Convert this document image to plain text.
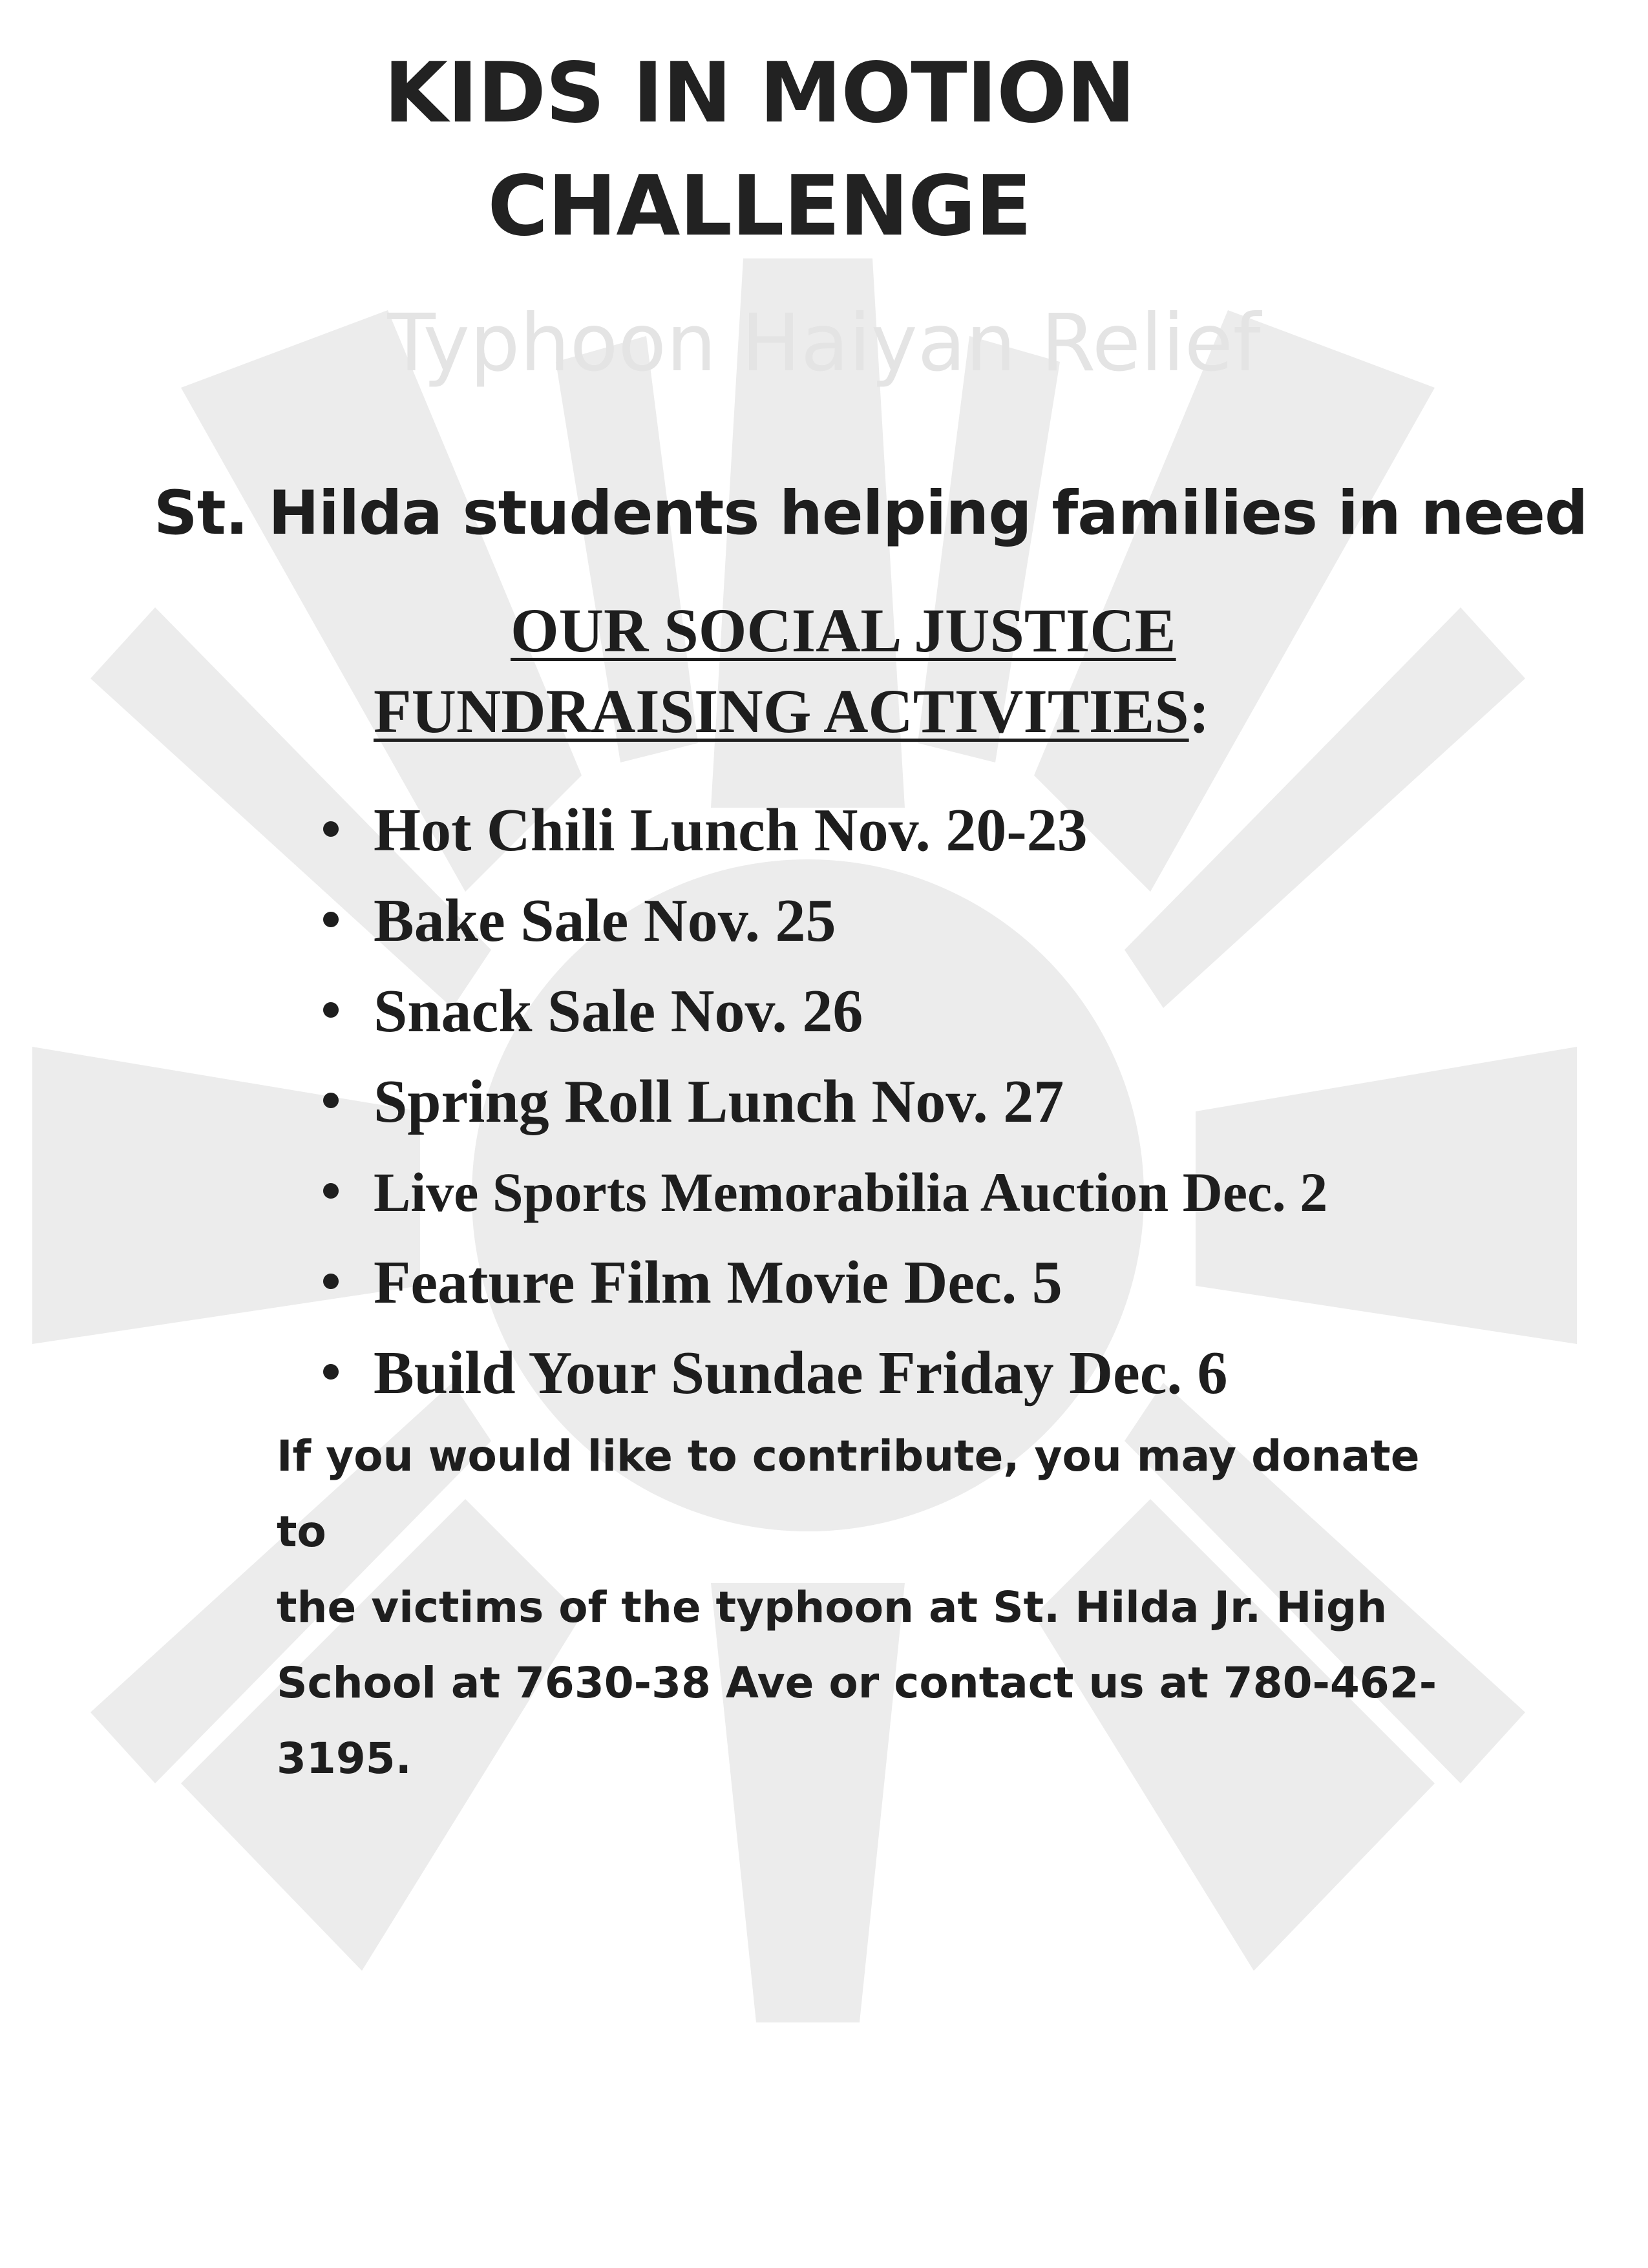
KIDS IN MOTION
CHALLENGE
Typhoon Haiyan Relief
St. Hilda students helping families in need
OUR SOCIAL JUSTICE
FUNDRAISING ACTIVITIES:
Hot Chili Lunch Nov. 20-23
Bake Sale Nov. 25
Snack Sale Nov. 26
Spring Roll Lunch Nov. 27
Live Sports Memorabilia Auction Dec. 2
Feature Film Movie Dec. 5
Build Your Sundae Friday Dec. 6
If you would like to contribute, you may donate to
the victims of the typhoon at St. Hilda Jr. High
School at 7630-38 Ave or contact us at 780-462-
3195.
